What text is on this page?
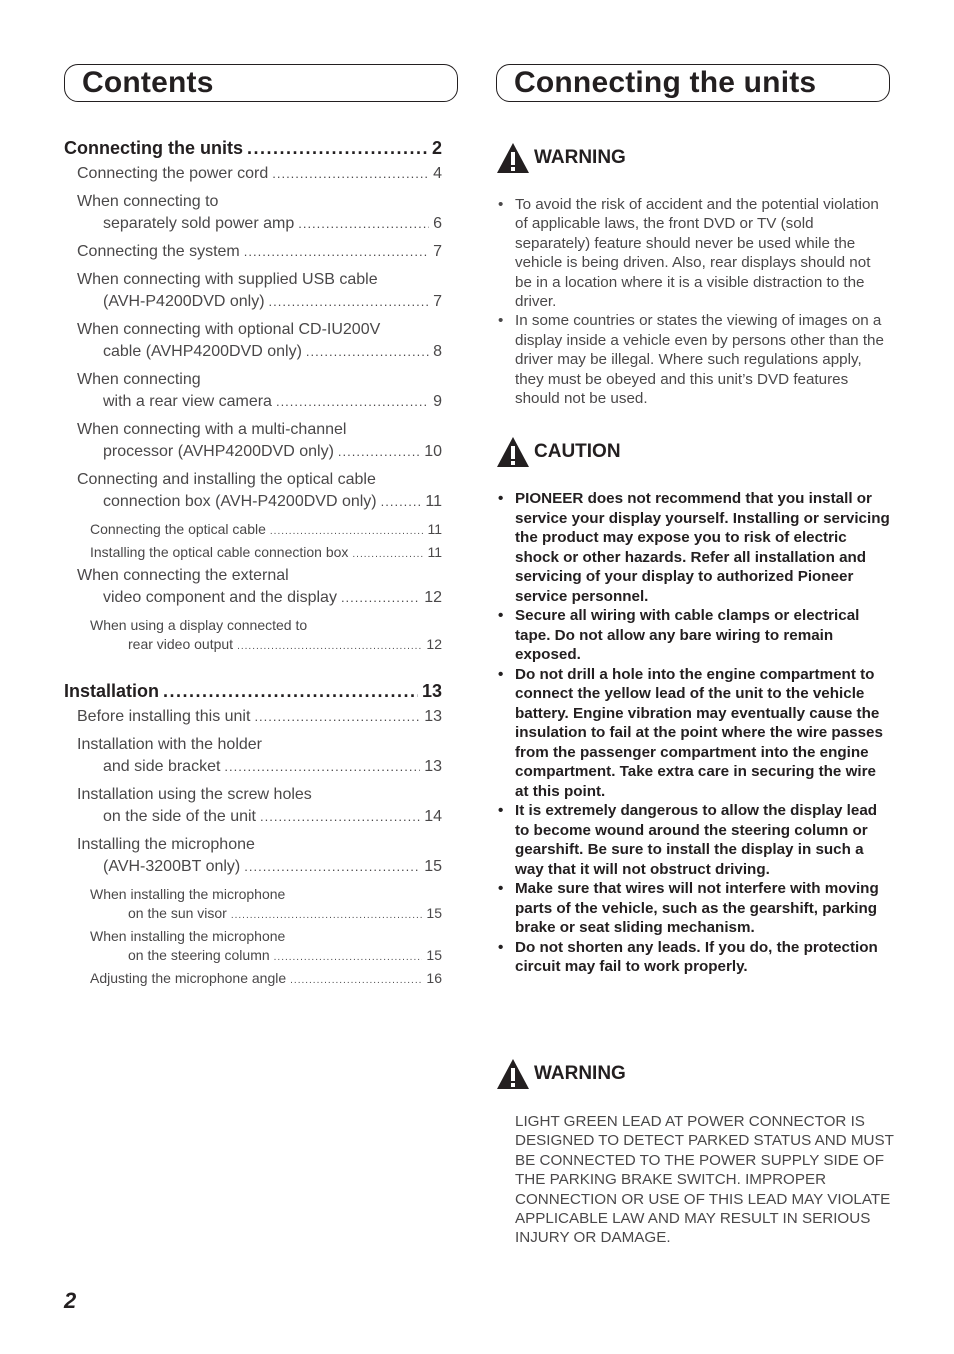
Contents
Connecting the units .....	2
Connecting the power cord .....	4
When connecting to
separately sold power amp .....	6
Connecting the system .....	7
When connecting with supplied USB cable
(AVH-P4200DVD only) .....	7
When connecting with optional CD-IU200V
cable (AVHP4200DVD only) .....	8
When connecting
with a rear view camera .....	9
When connecting with a multi-channel
processor (AVHP4200DVD only) .....	10
Connecting and installing the optical cable
connection box (AVH-P4200DVD only) .....	11
Connecting the optical cable .....	11
Installing the optical cable connection box .....	11
When connecting the external
video component and the display .....	12
When using a display connected to
rear video output .....	12
Installation .....	13
Before installing this unit .....	13
Installation with the holder
and side bracket .....	13
Installation using the screw holes
on the side of the unit .....	14
Installing the microphone
(AVH-3200BT only) .....	15
When installing the microphone
on the sun visor .....	15
When installing the microphone
on the steering column .....	15
Adjusting the microphone angle .....	16
Connecting the units
WARNING
• To avoid the risk of accident and the potential violation of applicable laws, the front DVD or TV (sold separately) feature should never be used while the vehicle is being driven. Also, rear displays should not be in a location where it is a visible distraction to the driver.
• In some countries or states the viewing of images on a display inside a vehicle even by persons other than the driver may be illegal. Where such regulations apply, they must be obeyed and this unit’s DVD features should not be used.
CAUTION
• PIONEER does not recommend that you install or service your display yourself. Installing or servicing the product may expose you to risk of electric shock or other hazards. Refer all installation and servicing of your display to authorized Pioneer service personnel.
• Secure all wiring with cable clamps or electrical tape. Do not allow any bare wiring to remain exposed.
• Do not drill a hole into the engine compartment to connect the yellow lead of the unit to the vehicle battery. Engine vibration may eventually cause the insulation to fail at the point where the wire passes from the passenger compartment into the engine compartment. Take extra care in securing the wire at this point.
• It is extremely dangerous to allow the display lead to become wound around the steering column or gearshift. Be sure to install the display in such a way that it will not obstruct driving.
• Make sure that wires will not interfere with moving parts of the vehicle, such as the gearshift, parking brake or seat sliding mechanism.
• Do not shorten any leads. If you do, the protection circuit may fail to work properly.
WARNING
LIGHT GREEN LEAD AT POWER CONNECTOR IS DESIGNED TO DETECT PARKED STATUS AND MUST BE CONNECTED TO THE POWER SUPPLY SIDE OF THE PARKING BRAKE SWITCH. IMPROPER CONNECTION OR USE OF THIS LEAD MAY VIOLATE APPLICABLE LAW AND MAY RESULT IN SERIOUS INJURY OR DAMAGE.
2
